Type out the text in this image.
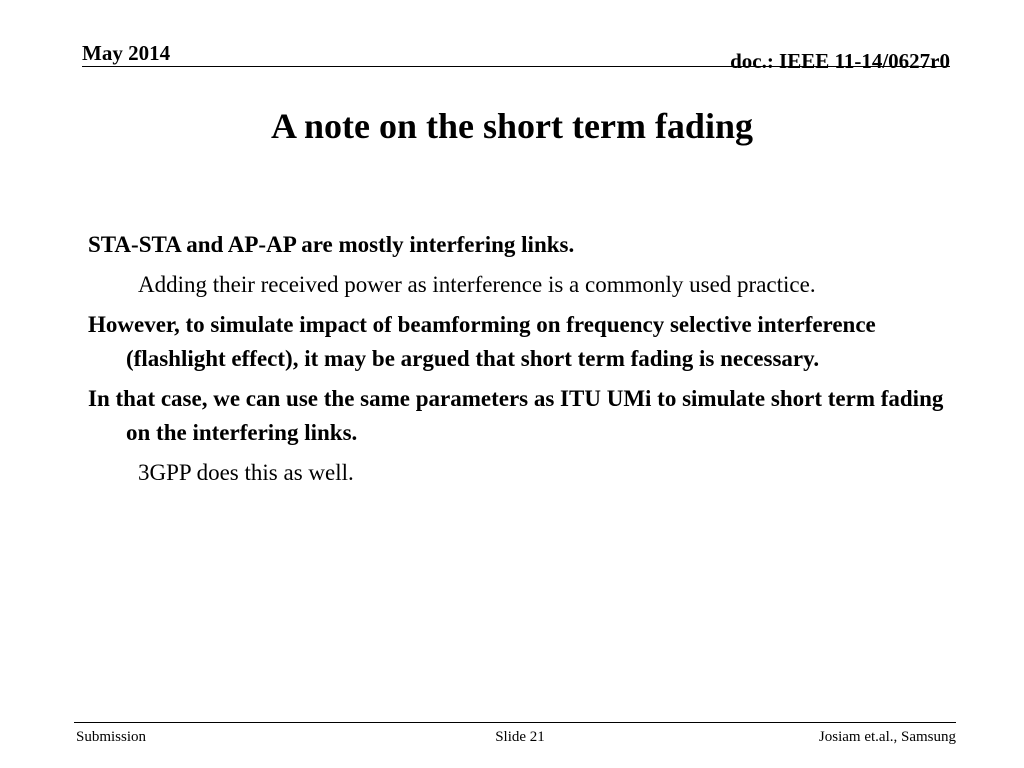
May 2014	doc.: IEEE 11-14/0627r0
A note on the short term fading

STA-STA and AP-AP are mostly interfering links.

Adding their received power as interference is a commonly used practice.

However, to simulate impact of beamforming on frequency selective interference (flashlight effect), it may be argued that short term fading is necessary.

In that case, we can use the same parameters as ITU UMi to simulate short term fading on the interfering links.

3GPP does this as well.

Submission	Slide 21	Josiam et.al., Samsung
